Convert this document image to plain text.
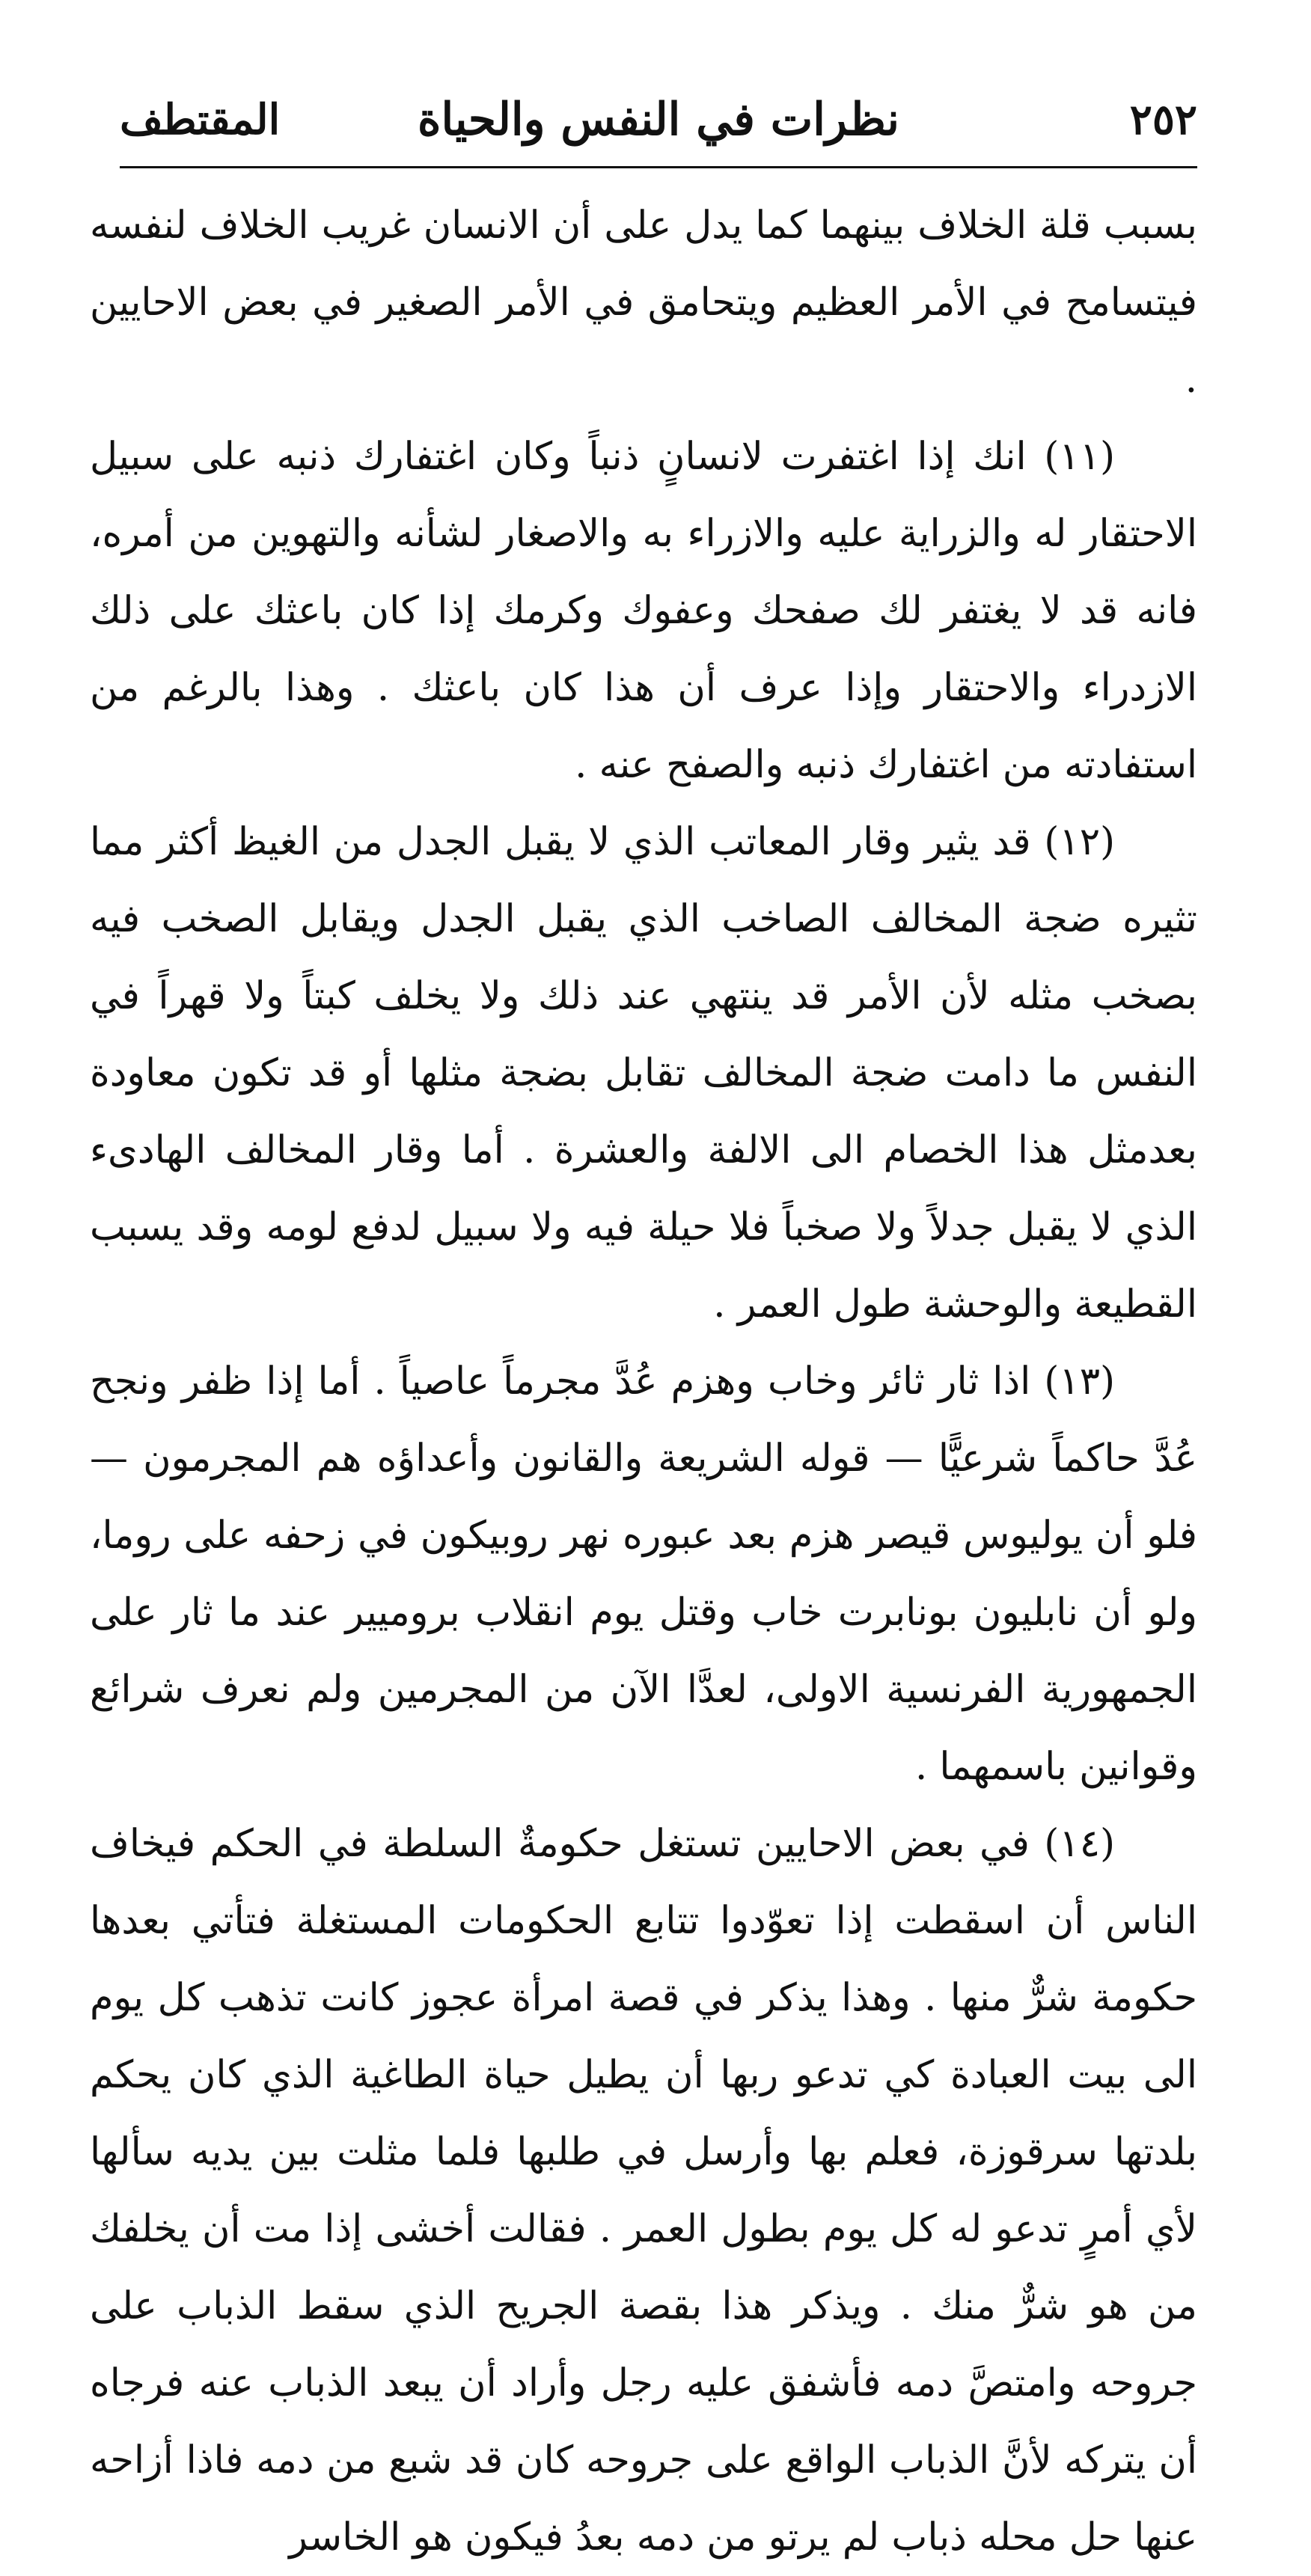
٢٥٢
نظرات في النفس والحياة
المقتطف

بسبب قلة الخلاف بينهما كما يدل على أن الانسان غريب الخلاف لنفسه فيتسامح في الأمر العظيم ويتحامق في الأمر الصغير في بعض الاحايين .

(١١) انك إذا اغتفرت لانسانٍ ذنباً وكان اغتفارك ذنبه على سبيل الاحتقار له والزراية عليه والازراء به والاصغار لشأنه والتهوين من أمره، فانه قد لا يغتفر لك صفحك وعفوك وكرمك إذا كان باعثك على ذلك الازدراء والاحتقار وإذا عرف أن هذا كان باعثك . وهذا بالرغم من استفادته من اغتفارك ذنبه والصفح عنه .

(١٢) قد يثير وقار المعاتب الذي لا يقبل الجدل من الغيظ أكثر مما تثيره ضجة المخالف الصاخب الذي يقبل الجدل ويقابل الصخب فيه بصخب مثله لأن الأمر قد ينتهي عند ذلك ولا يخلف كبتاً ولا قهراً في النفس ما دامت ضجة المخالف تقابل بضجة مثلها أو قد تكون معاودة بعدمثل هذا الخصام الى الالفة والعشرة . أما وقار المخالف الهادىء الذي لا يقبل جدلاً ولا صخباً فلا حيلة فيه ولا سبيل لدفع لومه وقد يسبب القطيعة والوحشة طول العمر .

(١٣) اذا ثار ثائر وخاب وهزم عُدَّ مجرماً عاصياً . أما إذا ظفر ونجح عُدَّ حاكماً شرعيًّا — قوله الشريعة والقانون وأعداؤه هم المجرمون — فلو أن يوليوس قيصر هزم بعد عبوره نهر روبيكون في زحفه على روما، ولو أن نابليون بونابرت خاب وقتل يوم انقلاب بروميير عند ما ثار على الجمهورية الفرنسية الاولى، لعدَّا الآن من المجرمين ولم نعرف شرائع وقوانين باسمهما .

(١٤) في بعض الاحايين تستغل حكومةٌ السلطة في الحكم فيخاف الناس أن اسقطت إذا تعوّدوا تتابع الحكومات المستغلة فتأتي بعدها حكومة شرٌّ منها . وهذا يذكر في قصة امرأة عجوز كانت تذهب كل يوم الى بيت العبادة كي تدعو ربها أن يطيل حياة الطاغية الذي كان يحكم بلدتها سرقوزة، فعلم بها وأرسل في طلبها فلما مثلت بين يديه سألها لأي أمرٍ تدعو له كل يوم بطول العمر . فقالت أخشى إذا مت أن يخلفك من هو شرٌّ منك . ويذكر هذا بقصة الجريح الذي سقط الذباب على جروحه وامتصَّ دمه فأشفق عليه رجل وأراد أن يبعد الذباب عنه فرجاه أن يتركه لأنَّ الذباب الواقع على جروحه كان قد شبع من دمه فاذا أزاحه عنها حل محله ذباب لم يرتو من دمه بعدُ فيكون هو الخاسر
